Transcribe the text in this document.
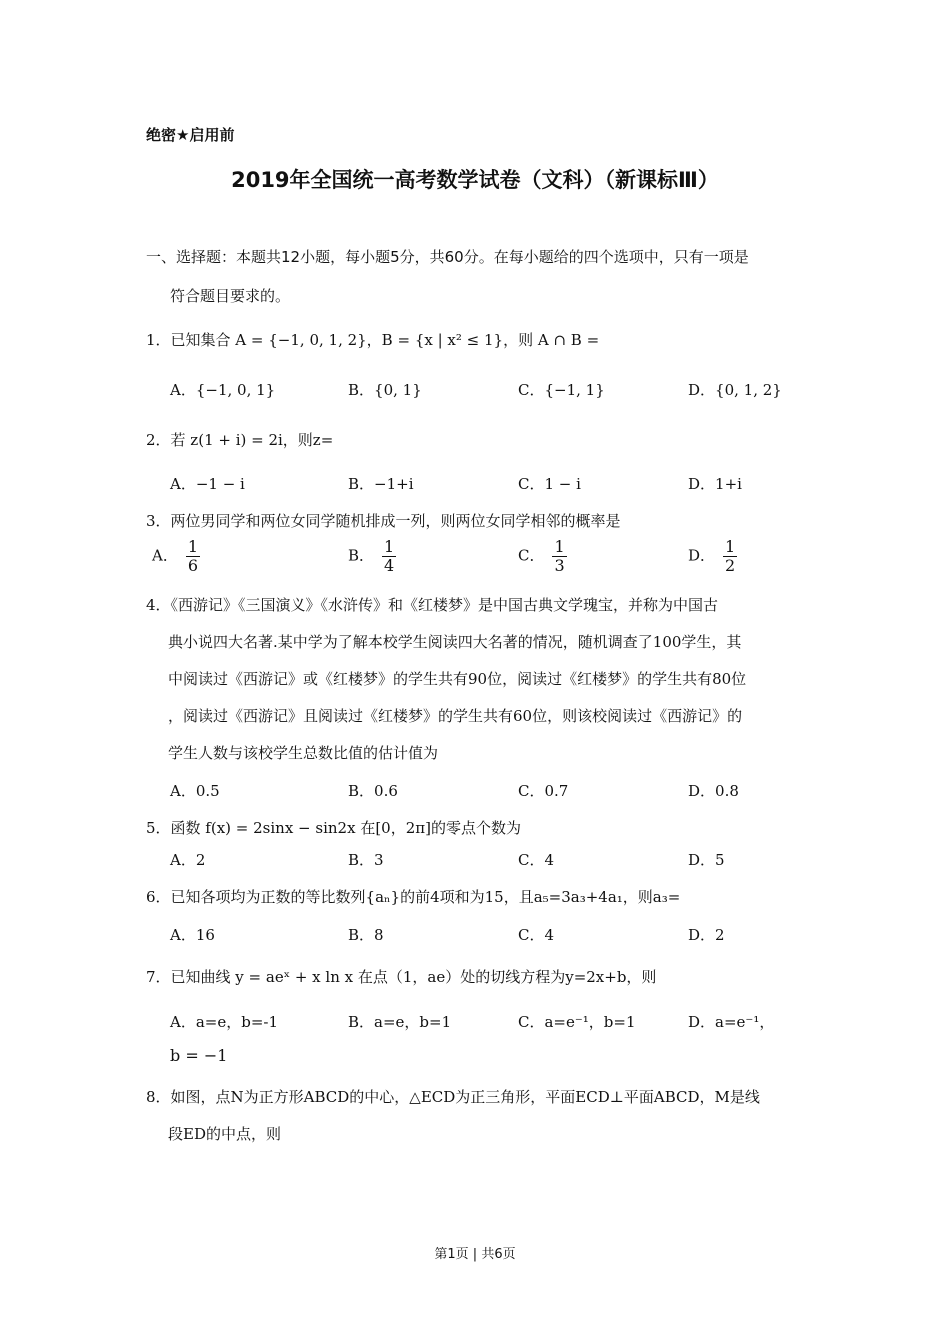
绝密★启用前
2019年全国统一高考数学试卷（文科）（新课标Ⅲ）
一、选择题：本题共12小题，每小题5分，共60分。在每小题给的四个选项中，只有一项是
符合题目要求的。
1．已知集合 A = {−1, 0, 1, 2}，B = {x | x² ≤ 1}，则 A ∩ B =
A．{−1, 0, 1}	B．{0, 1}	C．{−1, 1}	D．{0, 1, 2}
2．若 z(1 + i) = 2i，则z=
A．−1 − i	B．−1+i	C．1 − i	D．1+i
3．两位男同学和两位女同学随机排成一列，则两位女同学相邻的概率是
A． $\frac{1}{6}$	B． $\frac{1}{4}$	C． $\frac{1}{3}$	D． $\frac{1}{2}$
4．《西游记》《三国演义》《水浒传》和《红楼梦》是中国古典文学瑰宝，并称为中国古
典小说四大名著.某中学为了解本校学生阅读四大名著的情况，随机调查了100学生，其
中阅读过《西游记》或《红楼梦》的学生共有90位，阅读过《红楼梦》的学生共有80位
，阅读过《西游记》且阅读过《红楼梦》的学生共有60位，则该校阅读过《西游记》的
学生人数与该校学生总数比值的估计值为
A．0.5	B．0.6	C．0.7	D．0.8
5．函数 f(x) = 2sinx − sin2x 在[0，2π]的零点个数为
A．2	B．3	C．4	D．5
6．已知各项均为正数的等比数列{aₙ}的前4项和为15，且a₅=3a₃+4a₁，则a₃=
A．16	B．8	C．4	D．2
7．已知曲线 y = aeˣ + x ln x 在点（1，ae）处的切线方程为y=2x+b，则
A．a=e，b=-1	B．a=e，b=1	C．a=e⁻¹，b=1	D．a=e⁻¹，
b = −1
8．如图，点N为正方形ABCD的中心，△ECD为正三角形，平面ECD⊥平面ABCD，M是线
段ED的中点，则
第1页 | 共6页
